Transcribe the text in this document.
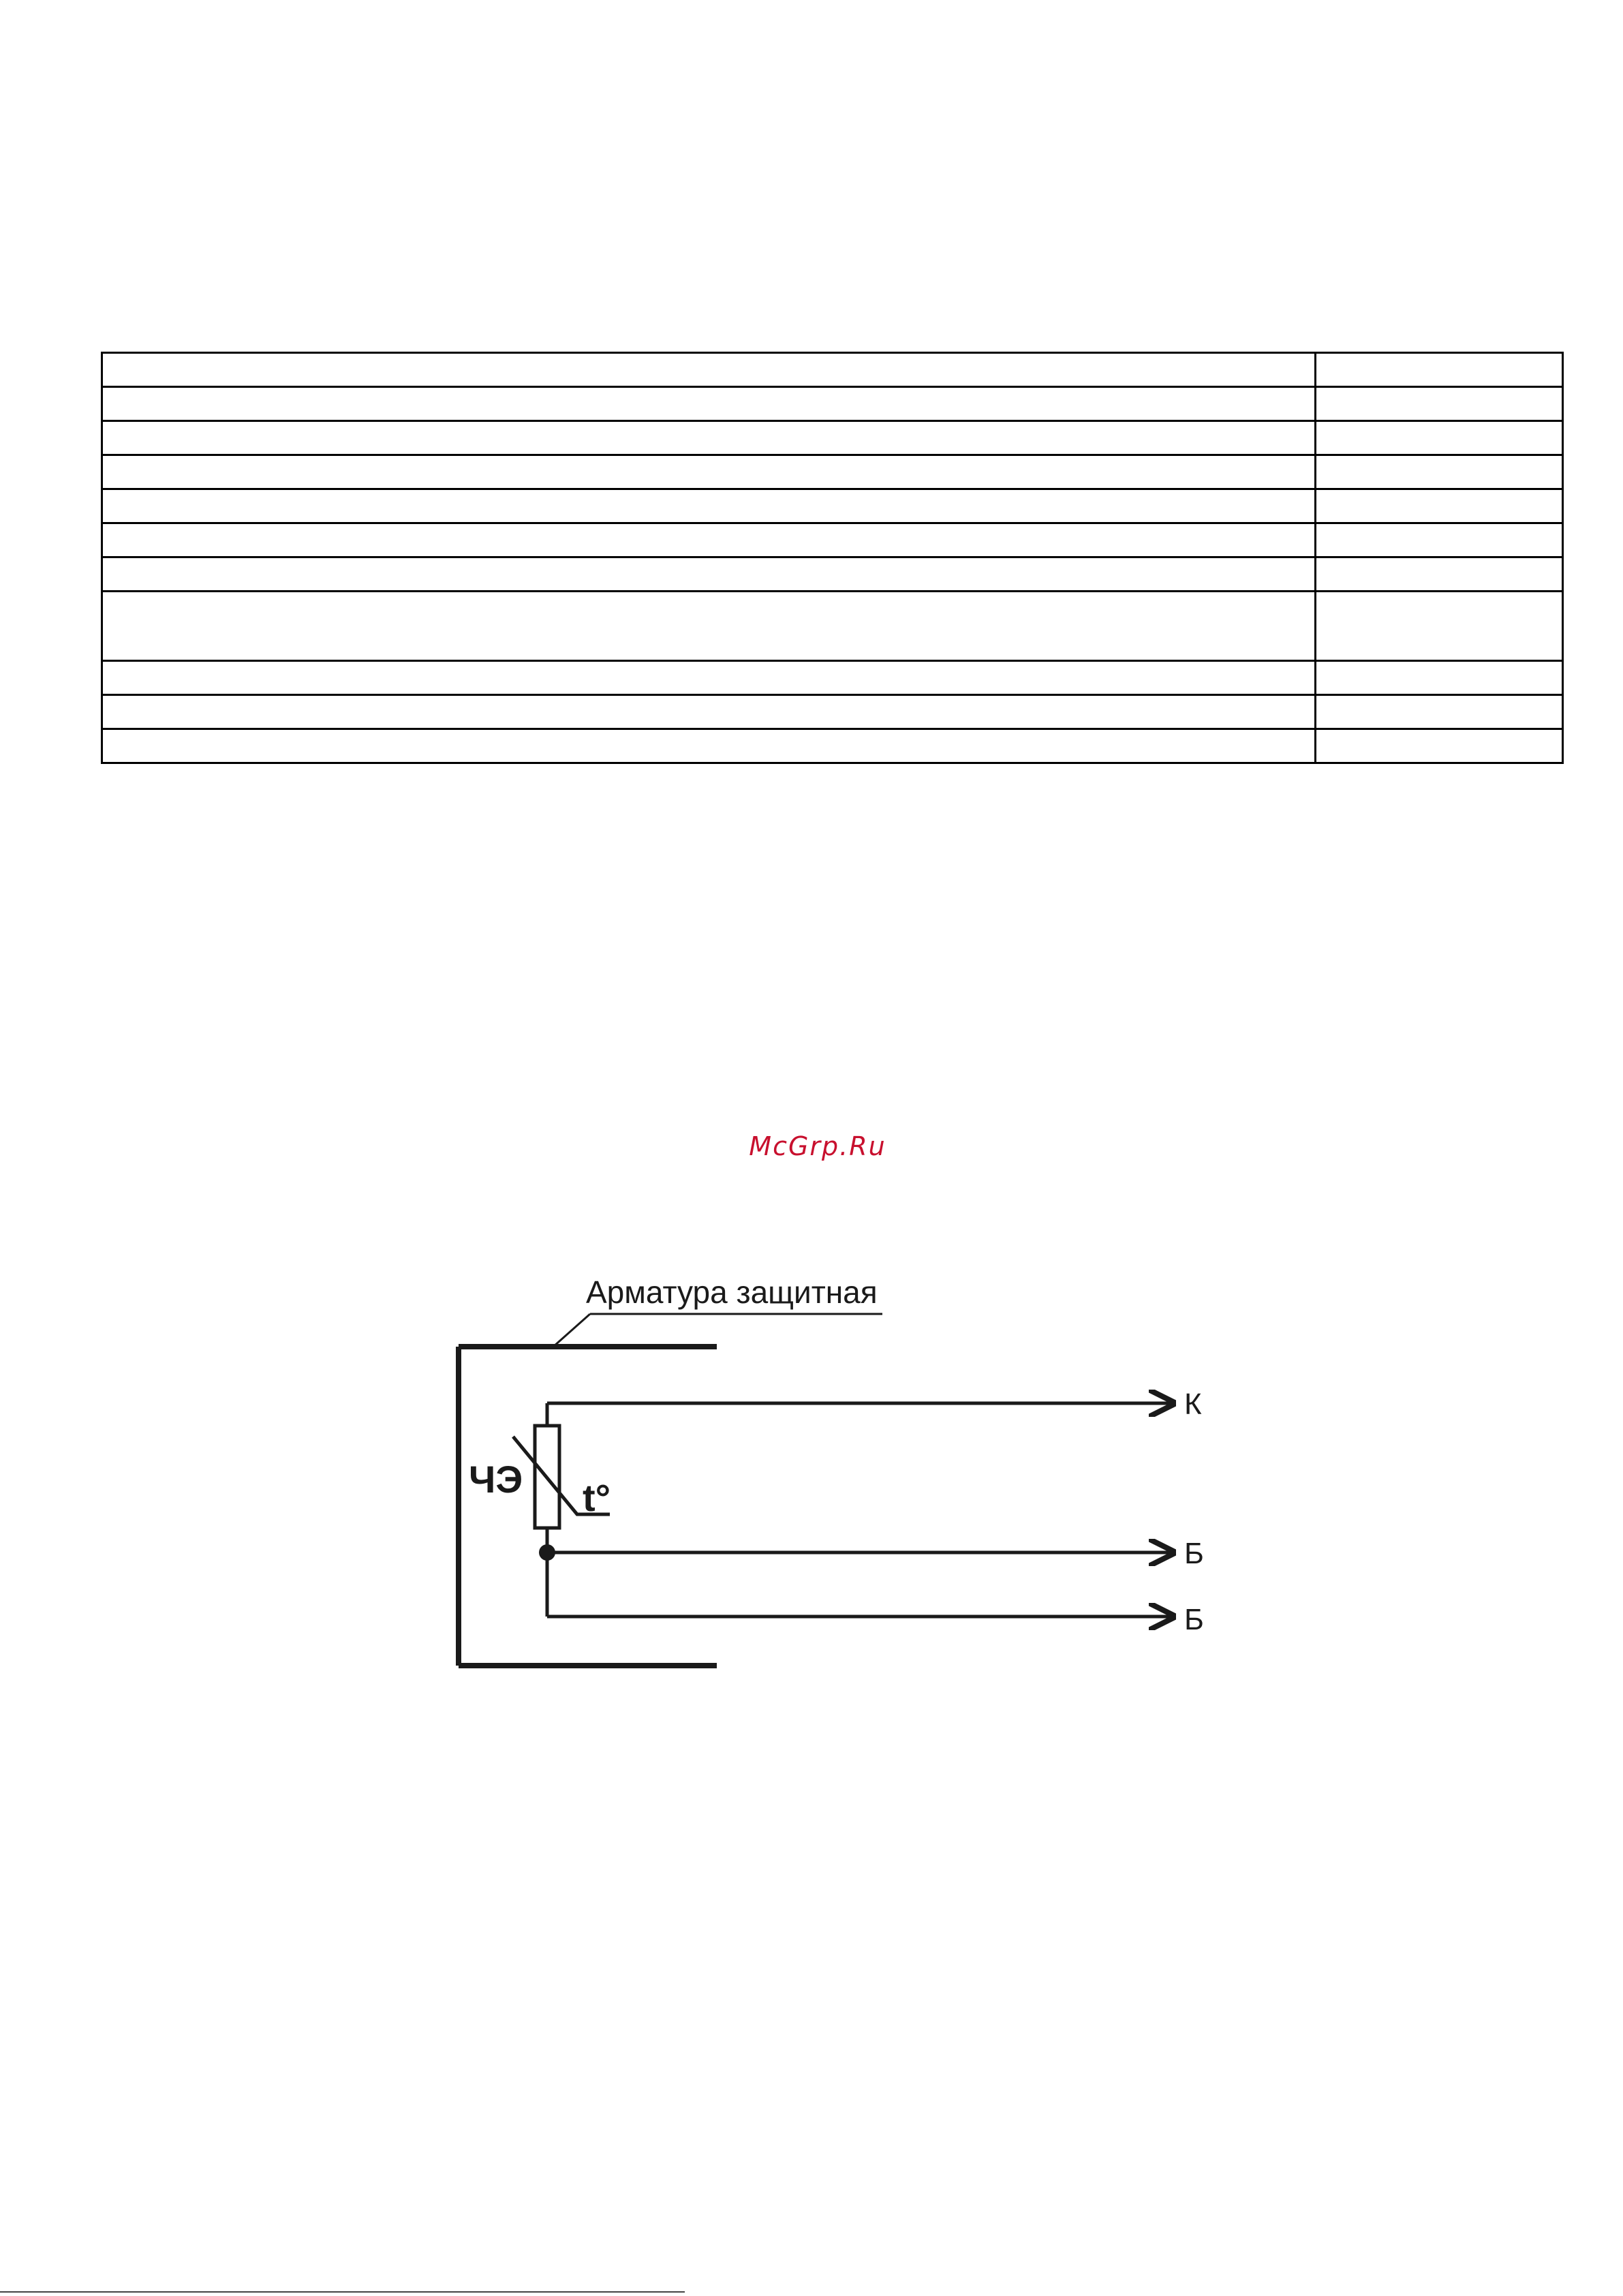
McGrp.Ru
Арматура защитная
ЧЭ t°
К
Б
Б
